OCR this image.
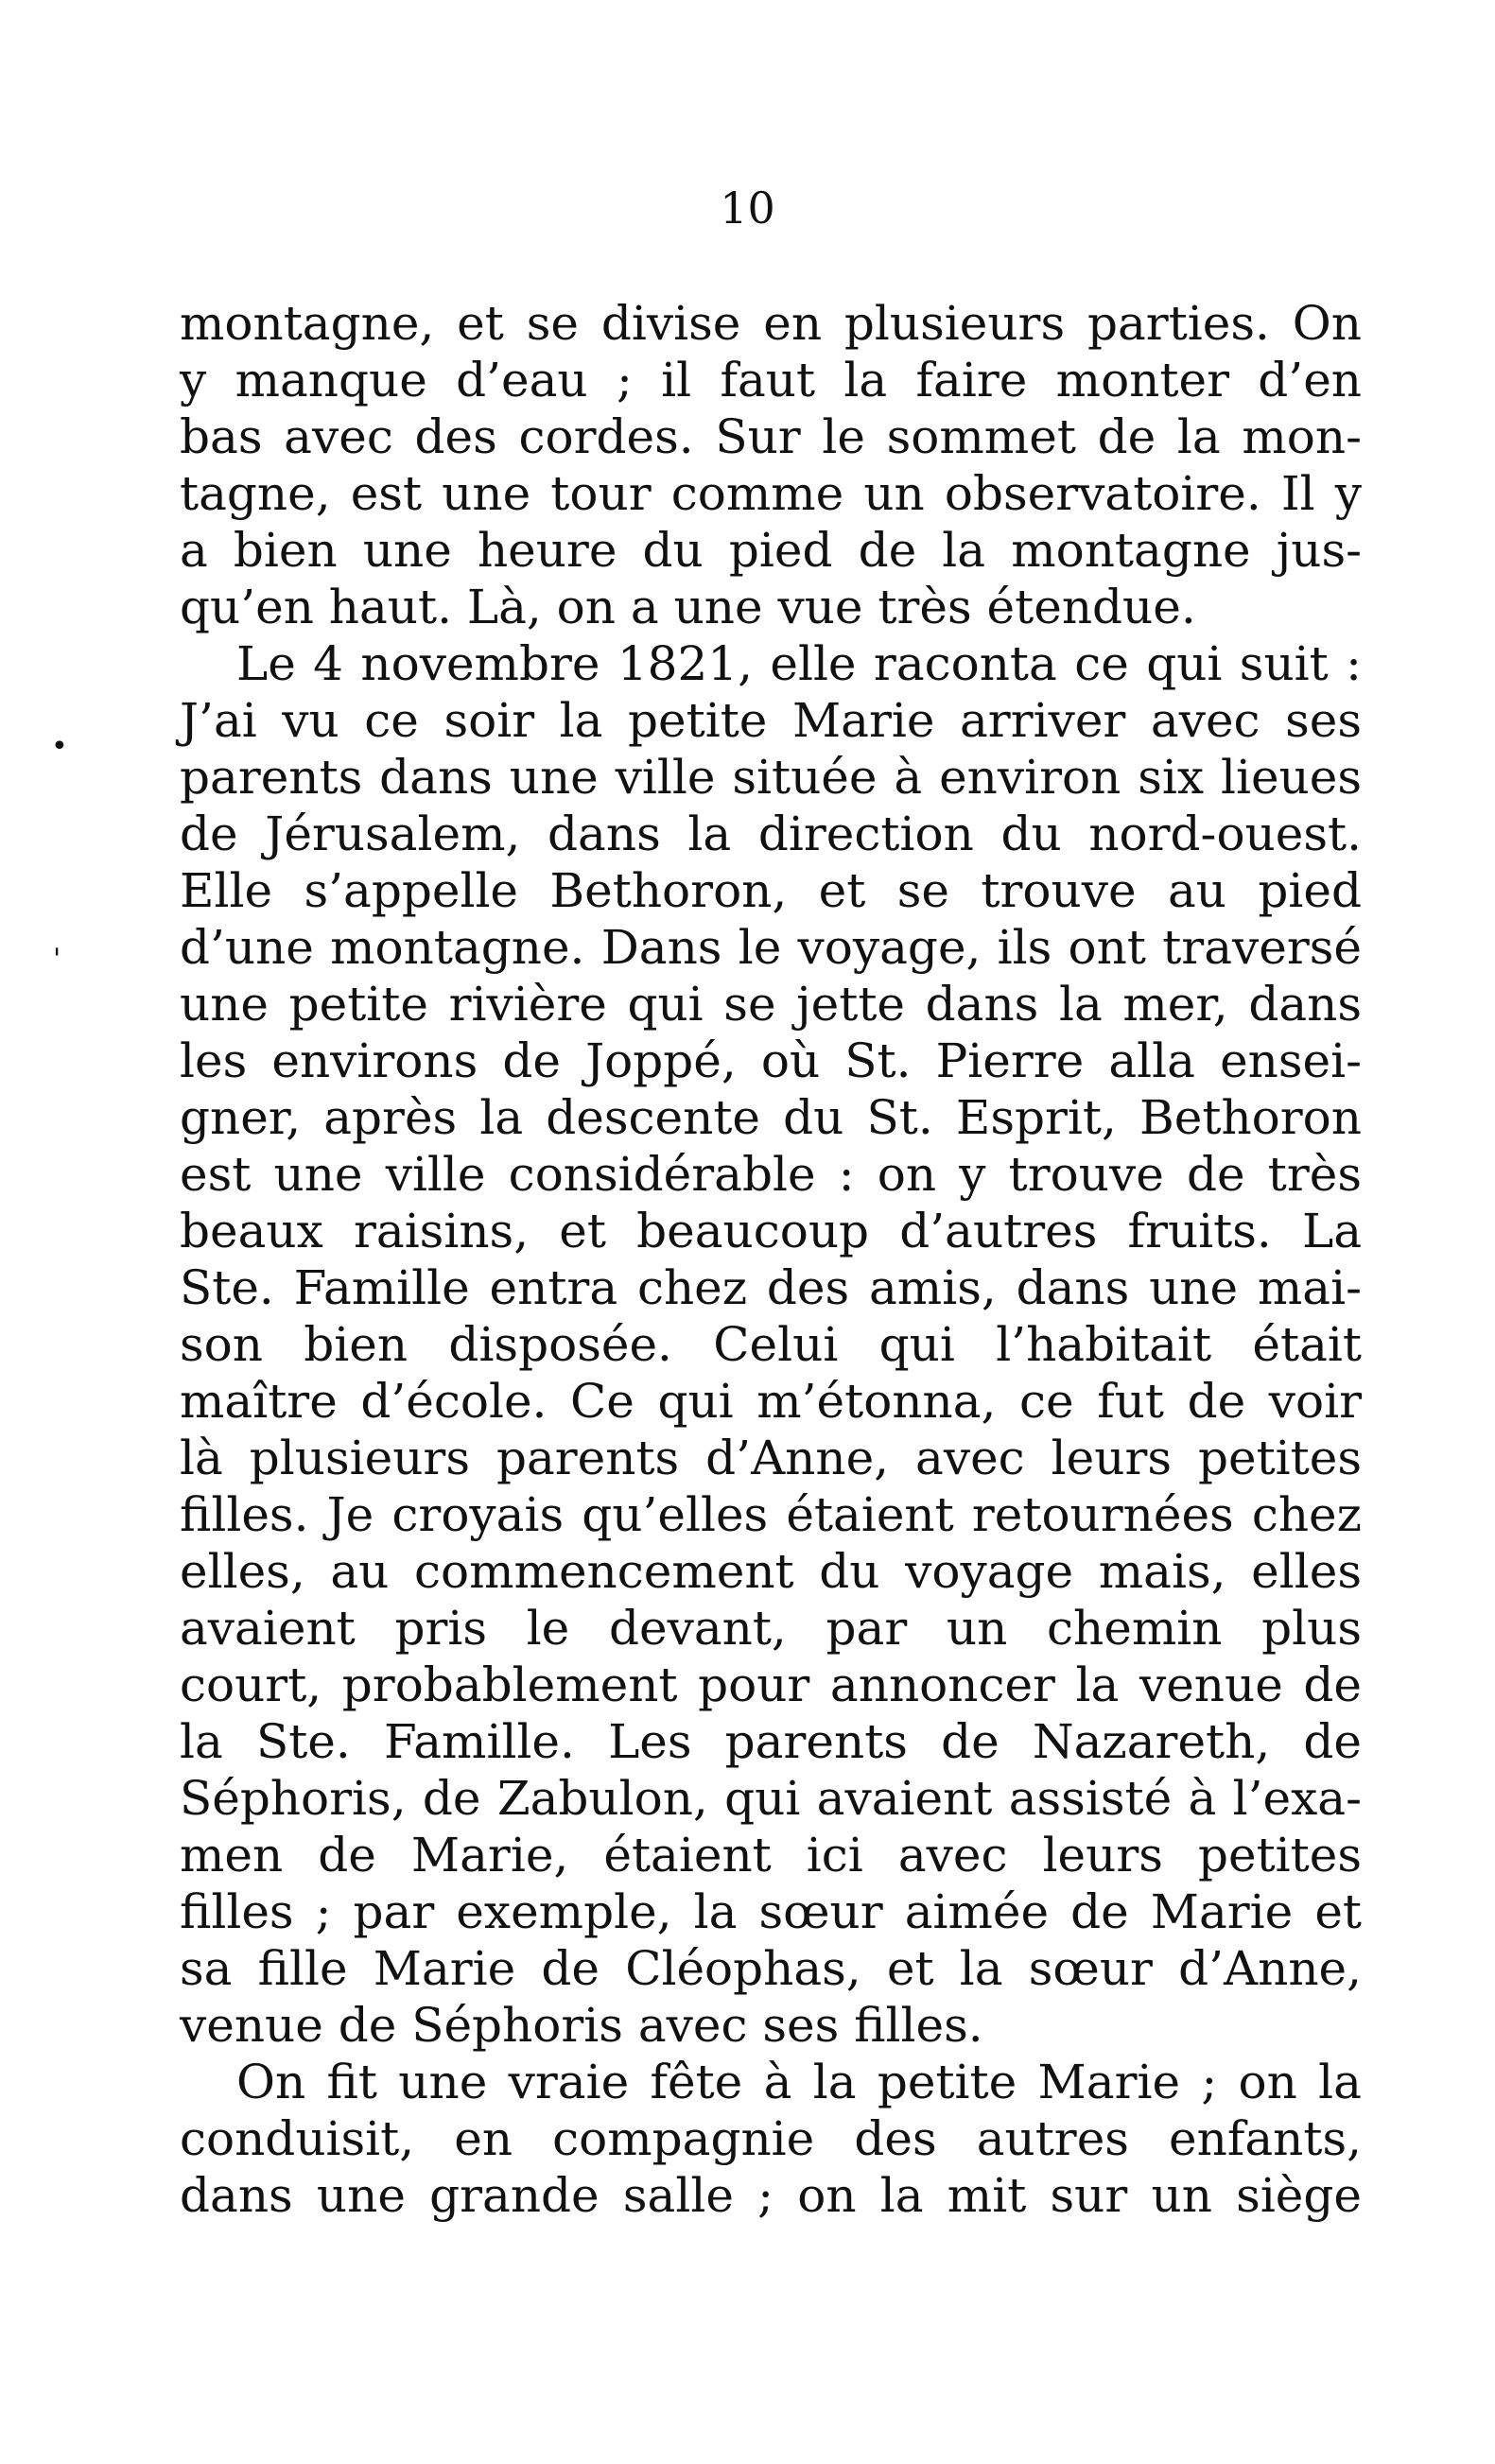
10
•
'
montagne, et se divise en plusieurs parties. On
y manque d’eau ; il faut la faire monter d’en
bas avec des cordes. Sur le sommet de la mon-
tagne, est une tour comme un observatoire. Il y
a bien une heure du pied de la montagne jus-
qu’en haut. Là, on a une vue très étendue.
Le 4 novembre 1821, elle raconta ce qui suit :
J’ai vu ce soir la petite Marie arriver avec ses
parents dans une ville située à environ six lieues
de Jérusalem, dans la direction du nord-ouest.
Elle s’appelle Bethoron, et se trouve au pied
d’une montagne. Dans le voyage, ils ont traversé
une petite rivière qui se jette dans la mer, dans
les environs de Joppé, où St. Pierre alla ensei-
gner, après la descente du St. Esprit, Bethoron
est une ville considérable : on y trouve de très
beaux raisins, et beaucoup d’autres fruits. La
Ste. Famille entra chez des amis, dans une mai-
son bien disposée. Celui qui l’habitait était
maître d’école. Ce qui m’étonna, ce fut de voir
là plusieurs parents d’Anne, avec leurs petites
filles. Je croyais qu’elles étaient retournées chez
elles, au commencement du voyage mais, elles
avaient pris le devant, par un chemin plus
court, probablement pour annoncer la venue de
la Ste. Famille. Les parents de Nazareth, de
Séphoris, de Zabulon, qui avaient assisté à l’exa-
men de Marie, étaient ici avec leurs petites
filles ; par exemple, la sœur aimée de Marie et
sa fille Marie de Cléophas, et la sœur d’Anne,
venue de Séphoris avec ses filles.
On fit une vraie fête à la petite Marie ; on la
conduisit, en compagnie des autres enfants,
dans une grande salle ; on la mit sur un siège
